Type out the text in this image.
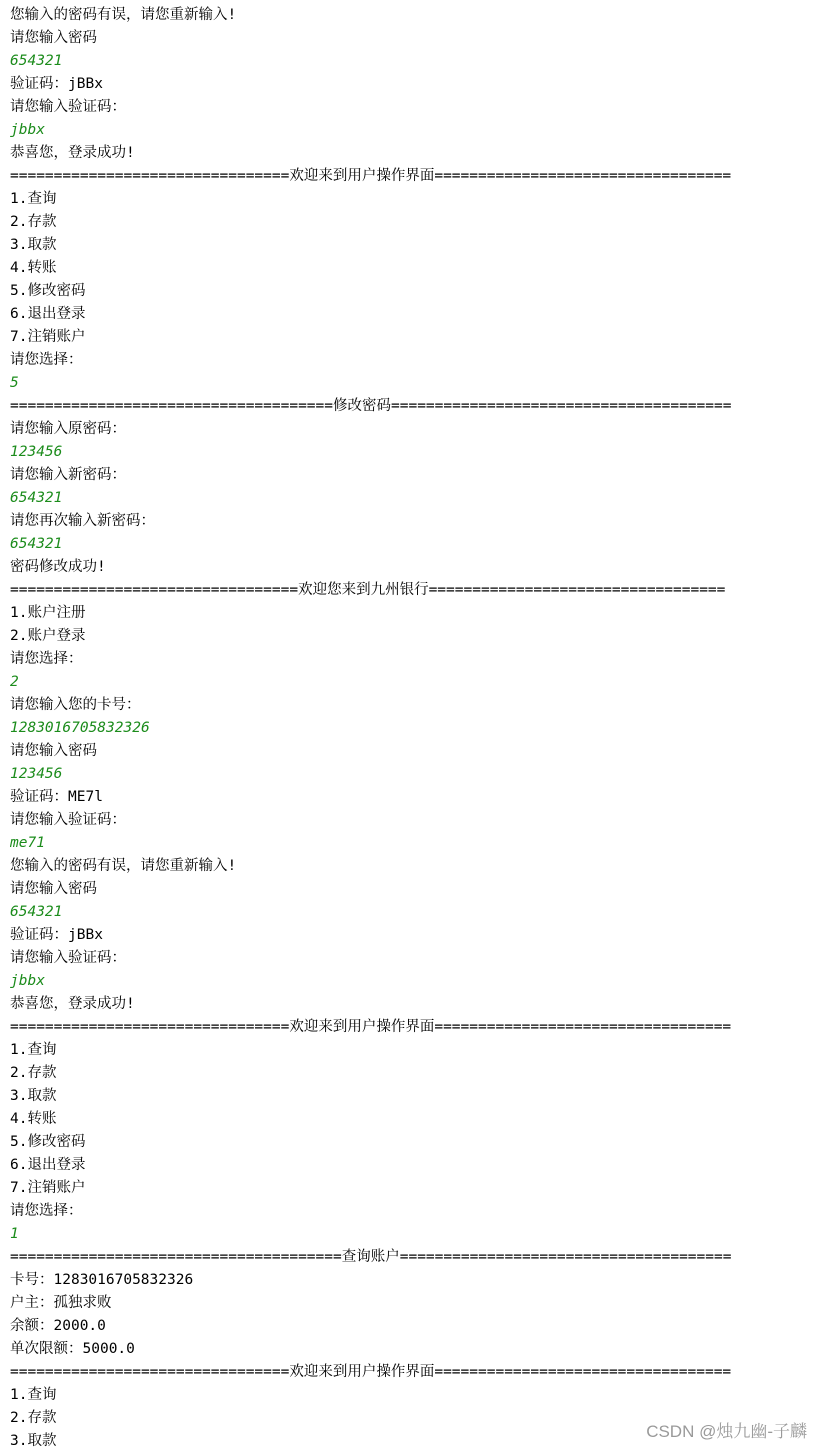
您输入的密码有误，请您重新输入!
请您输入密码
654321
验证码：jBBx
请您输入验证码：
jbbx
恭喜您，登录成功!
================================欢迎来到用户操作界面==================================
1.查询
2.存款
3.取款
4.转账
5.修改密码
6.退出登录
7.注销账户
请您选择：
5
=====================================修改密码=======================================
请您输入原密码：
123456
请您输入新密码：
654321
请您再次输入新密码：
654321
密码修改成功!
=================================欢迎您来到九州银行==================================
1.账户注册
2.账户登录
请您选择：
2
请您输入您的卡号：
1283016705832326
请您输入密码
123456
验证码：ME7l
请您输入验证码：
me71
您输入的密码有误，请您重新输入!
请您输入密码
654321
验证码：jBBx
请您输入验证码：
jbbx
恭喜您，登录成功!
================================欢迎来到用户操作界面==================================
1.查询
2.存款
3.取款
4.转账
5.修改密码
6.退出登录
7.注销账户
请您选择：
1
======================================查询账户======================================
卡号：1283016705832326
户主：孤独求败
余额：2000.0
单次限额：5000.0
================================欢迎来到用户操作界面==================================
1.查询
2.存款
3.取款	CSDN @烛九幽-子麟
